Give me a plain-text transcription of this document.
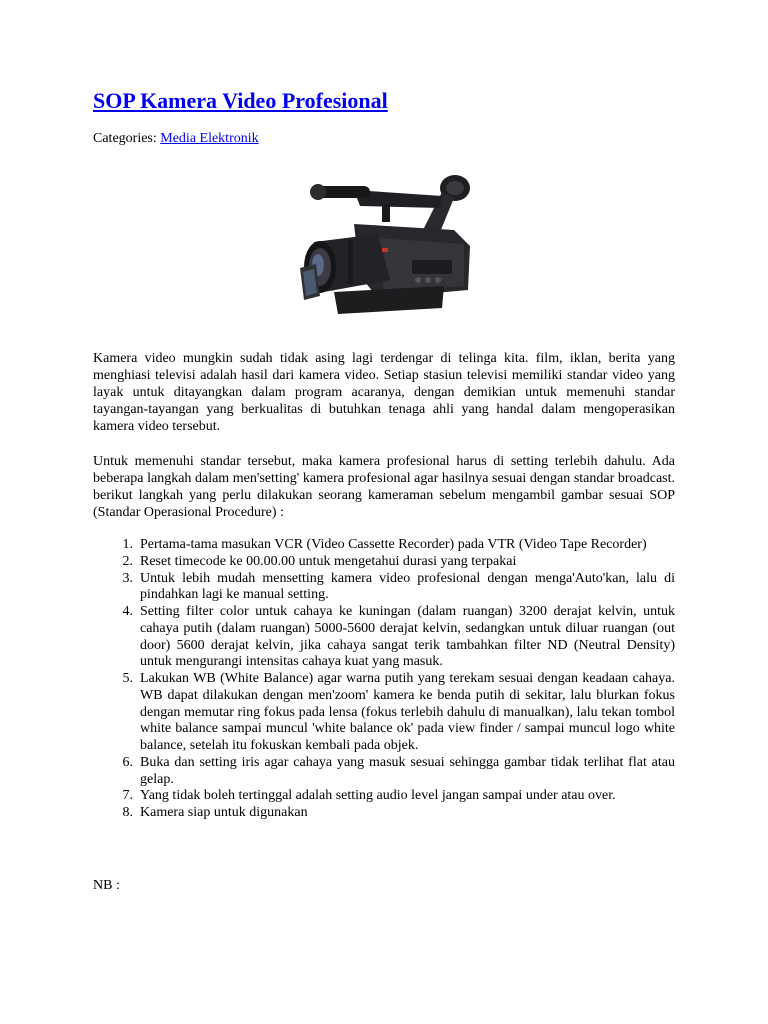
SOP Kamera Video Profesional
Categories: Media Elektronik

Kamera video mungkin sudah tidak asing lagi terdengar di telinga kita. film, iklan, berita yang menghiasi televisi adalah hasil dari kamera video. Setiap stasiun televisi memiliki standar video yang layak untuk ditayangkan dalam program acaranya, dengan demikian untuk memenuhi standar tayangan-tayangan yang berkualitas di butuhkan tenaga ahli yang handal dalam mengoperasikan kamera video tersebut.

Untuk memenuhi standar tersebut, maka kamera profesional harus di setting terlebih dahulu. Ada beberapa langkah dalam men'setting' kamera profesional agar hasilnya sesuai dengan standar broadcast. berikut langkah yang perlu dilakukan seorang kameraman sebelum mengambil gambar sesuai SOP (Standar Operasional Procedure) :

1. Pertama-tama masukan VCR (Video Cassette Recorder) pada VTR (Video Tape Recorder)
2. Reset timecode ke 00.00.00 untuk mengetahui durasi yang terpakai
3. Untuk lebih mudah mensetting kamera video profesional dengan menga'Auto'kan, lalu di pindahkan lagi ke manual setting.
4. Setting filter color untuk cahaya ke kuningan (dalam ruangan) 3200 derajat kelvin, untuk cahaya putih (dalam ruangan) 5000-5600 derajat kelvin, sedangkan untuk diluar ruangan (out door) 5600 derajat kelvin, jika cahaya sangat terik tambahkan filter ND (Neutral Density) untuk mengurangi intensitas cahaya kuat yang masuk.
5. Lakukan WB (White Balance) agar warna putih yang terekam sesuai dengan keadaan cahaya. WB dapat dilakukan dengan men'zoom' kamera ke benda putih di sekitar, lalu blurkan fokus dengan memutar ring fokus pada lensa (fokus terlebih dahulu di manualkan), lalu tekan tombol white balance sampai muncul 'white balance ok' pada view finder / sampai muncul logo white balance, setelah itu fokuskan kembali pada objek.
6. Buka dan setting iris agar cahaya yang masuk sesuai sehingga gambar tidak terlihat flat atau gelap.
7. Yang tidak boleh tertinggal adalah setting audio level jangan sampai under atau over.
8. Kamera siap untuk digunakan
NB :
